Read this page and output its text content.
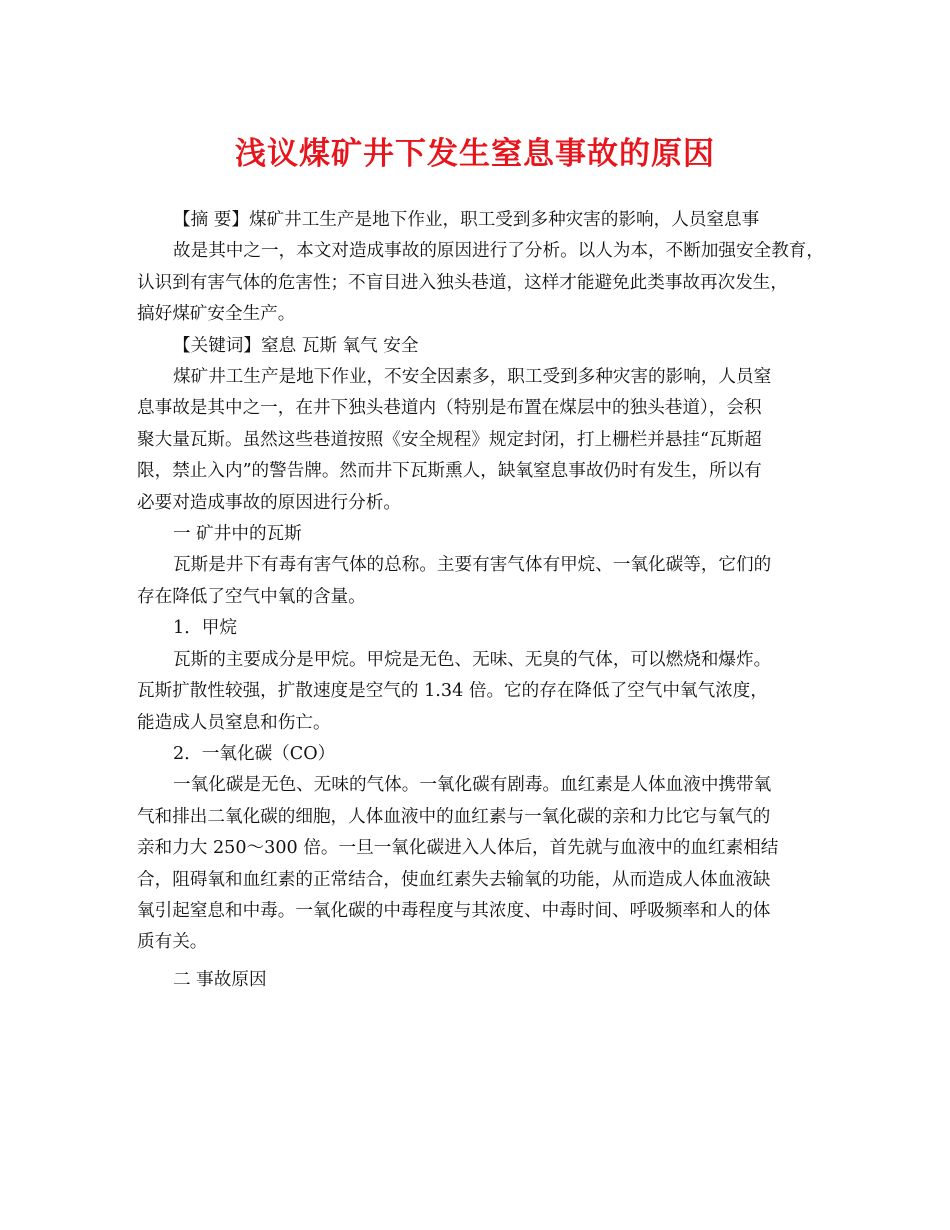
浅议煤矿井下发生窒息事故的原因
【摘 要】煤矿井工生产是地下作业，职工受到多种灾害的影响，人员窒息事
故是其中之一，本文对造成事故的原因进行了分析。以人为本，不断加强安全教育，
认识到有害气体的危害性；不盲目进入独头巷道，这样才能避免此类事故再次发生，
搞好煤矿安全生产。
【关键词】窒息 瓦斯 氧气 安全
煤矿井工生产是地下作业，不安全因素多，职工受到多种灾害的影响，人员窒
息事故是其中之一，在井下独头巷道内（特别是布置在煤层中的独头巷道），会积
聚大量瓦斯。虽然这些巷道按照《安全规程》规定封闭，打上栅栏并悬挂“瓦斯超
限，禁止入内”的警告牌。然而井下瓦斯熏人，缺氧窒息事故仍时有发生，所以有
必要对造成事故的原因进行分析。
一 矿井中的瓦斯
瓦斯是井下有毒有害气体的总称。主要有害气体有甲烷、一氧化碳等，它们的
存在降低了空气中氧的含量。
1．甲烷
瓦斯的主要成分是甲烷。甲烷是无色、无味、无臭的气体，可以燃烧和爆炸。
瓦斯扩散性较强，扩散速度是空气的 1.34 倍。它的存在降低了空气中氧气浓度，
能造成人员窒息和伤亡。
2．一氧化碳（CO）
一氧化碳是无色、无味的气体。一氧化碳有剧毒。血红素是人体血液中携带氧
气和排出二氧化碳的细胞，人体血液中的血红素与一氧化碳的亲和力比它与氧气的
亲和力大 250～300 倍。一旦一氧化碳进入人体后，首先就与血液中的血红素相结
合，阻碍氧和血红素的正常结合，使血红素失去输氧的功能，从而造成人体血液缺
氧引起窒息和中毒。一氧化碳的中毒程度与其浓度、中毒时间、呼吸频率和人的体
质有关。
二 事故原因
